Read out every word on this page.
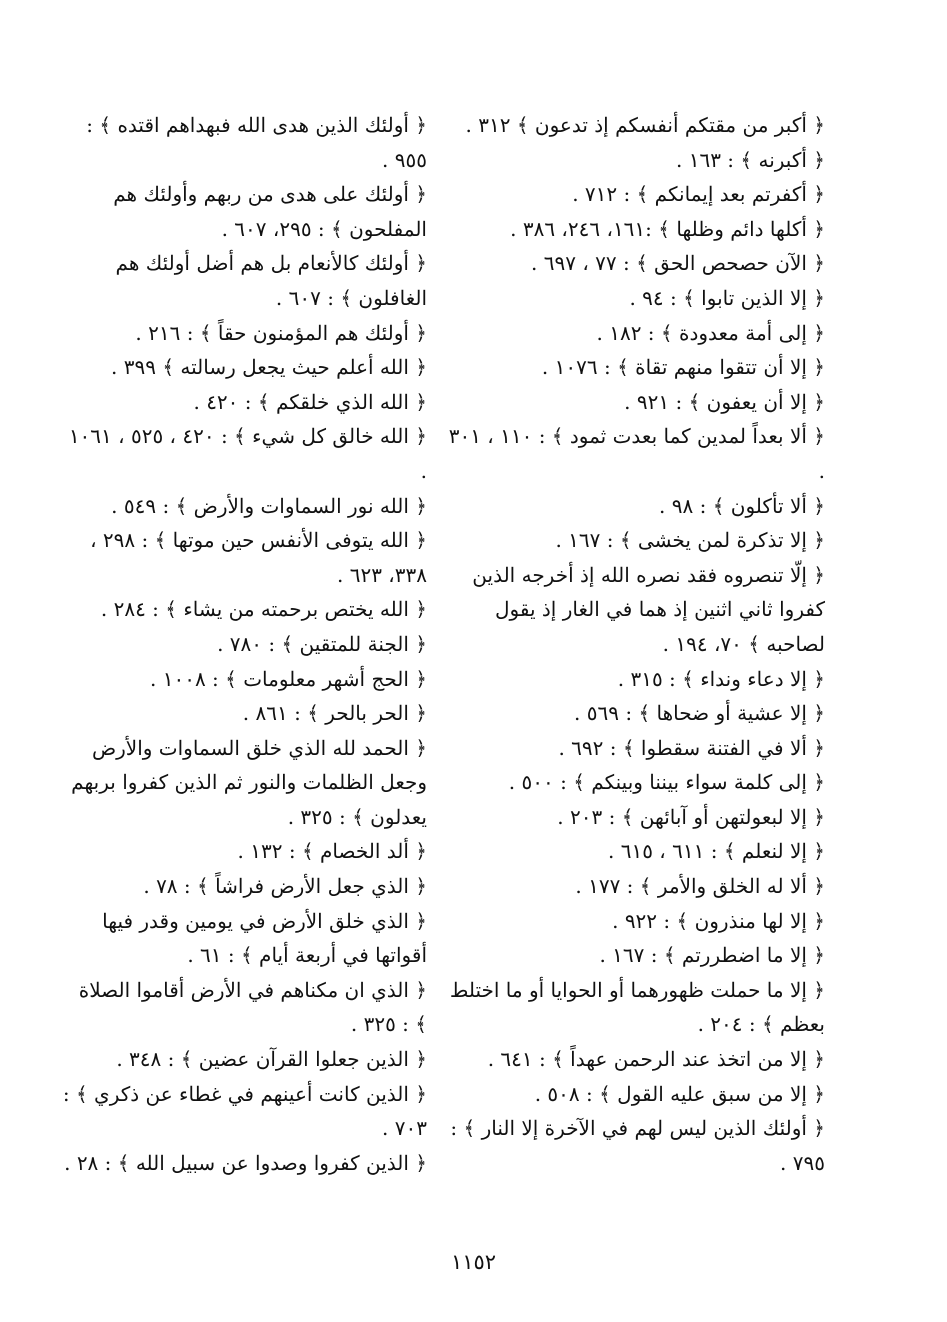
﴿ أكبر من مقتكم أنفسكم إذ تدعون ﴾ ٣١٢ .
﴿ أكبرنه ﴾ : ١٦٣ .
﴿ أكفرتم بعد إيمانكم ﴾ : ٧١٢ .
﴿ أكلها دائم وظلها ﴾ :١٦١، ٢٤٦، ٣٨٦ .
﴿ الآن حصحص الحق ﴾ : ٧٧ ، ٦٩٧ .
﴿ إلا الذين تابوا ﴾ : ٩٤ .
﴿ إلى أمة معدودة ﴾ : ١٨٢ .
﴿ إلا أن تتقوا منهم تقاة ﴾ : ١٠٧٦ .
﴿ إلا أن يعفون ﴾ : ٩٢١ .
﴿ ألا بعداً لمدين كما بعدت ثمود ﴾ : ١١٠ ، ٣٠١ .
﴿ ألا تأكلون ﴾ : ٩٨ .
﴿ إلا تذكرة لمن يخشى ﴾ : ١٦٧ .
﴿ إلّا تنصروه فقد نصره الله إذ أخرجه الذين كفروا ثاني اثنين إذ هما في الغار إذ يقول لصاحبه ﴾ ٧٠، ١٩٤ .
﴿ إلا دعاء ونداء ﴾ : ٣١٥ .
﴿ إلا عشية أو ضحاها ﴾ : ٥٦٩ .
﴿ ألا في الفتنة سقطوا ﴾ : ٦٩٢ .
﴿ إلى كلمة سواء بيننا وبينكم ﴾ : ٥٠٠ .
﴿ إلا لبعولتهن أو آبائهن ﴾ : ٢٠٣ .
﴿ إلا لنعلم ﴾ : ٦١١ ، ٦١٥ .
﴿ ألا له الخلق والأمر ﴾ : ١٧٧ .
﴿ إلا لها منذرون ﴾ : ٩٢٢ .
﴿ إلا ما اضطررتم ﴾ : ١٦٧ .
﴿ إلا ما حملت ظهورهما أو الحوايا أو ما اختلط بعظم ﴾ : ٢٠٤ .
﴿ إلا من اتخذ عند الرحمن عهداً ﴾ : ٦٤١ .
﴿ إلا من سبق عليه القول ﴾ : ٥٠٨ .
﴿ أولئك الذين ليس لهم في الآخرة إلا النار ﴾ : ٧٩٥ .
﴿ أولئك الذين هدى الله فبهداهم اقتده ﴾ : ٩٥٥ .
﴿ أولئك على هدى من ربهم وأولئك هم المفلحون ﴾ : ٢٩٥، ٦٠٧ .
﴿ أولئك كالأنعام بل هم أضل أولئك هم الغافلون ﴾ : ٦٠٧ .
﴿ أولئك هم المؤمنون حقاً ﴾ : ٢١٦ .
﴿ الله أعلم حيث يجعل رسالته ﴾ ٣٩٩ .
﴿ الله الذي خلقكم ﴾ : ٤٢٠ .
﴿ الله خالق كل شيء ﴾ : ٤٢٠ ، ٥٢٥ ، ١٠٦١ .
﴿ الله نور السماوات والأرض ﴾ : ٥٤٩ .
﴿ الله يتوفى الأنفس حين موتها ﴾ : ٢٩٨ ، ٣٣٨، ٦٢٣ .
﴿ الله يختص برحمته من يشاء ﴾ : ٢٨٤ .
﴿ الجنة للمتقين ﴾ : ٧٨٠ .
﴿ الحج أشهر معلومات ﴾ : ١٠٠٨ .
﴿ الحر بالحر ﴾ : ٨٦١ .
﴿ الحمد لله الذي خلق السماوات والأرض وجعل الظلمات والنور ثم الذين كفروا بربهم يعدلون ﴾ : ٣٢٥ .
﴿ ألد الخصام ﴾ : ١٣٢ .
﴿ الذي جعل الأرض فراشاً ﴾ : ٧٨ .
﴿ الذي خلق الأرض في يومين وقدر فيها أقواتها في أربعة أيام ﴾ : ٦١ .
﴿ الذي ان مكناهم في الأرض أقاموا الصلاة ﴾ : ٣٢٥ .
﴿ الذين جعلوا القرآن عضين ﴾ : ٣٤٨ .
﴿ الذين كانت أعينهم في غطاء عن ذكري ﴾ : ٧٠٣ .
﴿ الذين كفروا وصدوا عن سبيل الله ﴾ : ٢٨ .
١١٥٢
